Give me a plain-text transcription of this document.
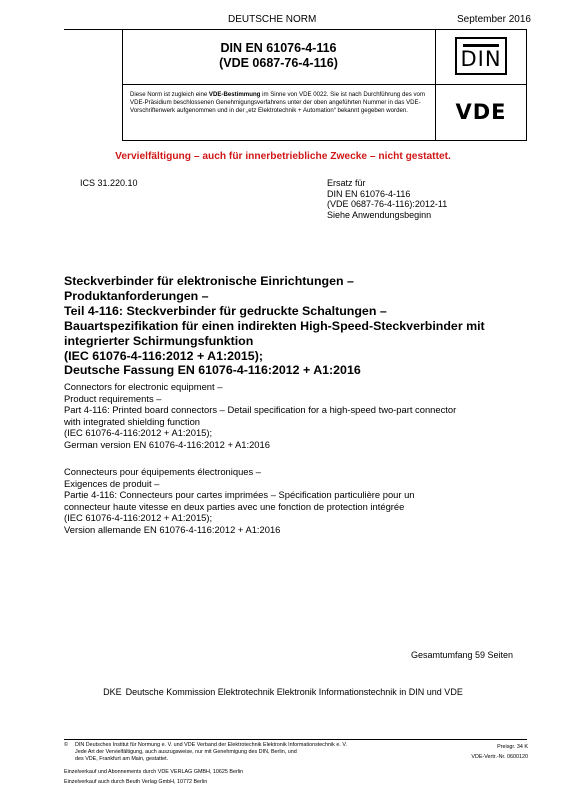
DEUTSCHE NORM	September 2016
DIN EN 61076-4-116
(VDE 0687-76-4-116)	DIN
Diese Norm ist zugleich eine VDE-Bestimmung im Sinne von VDE 0022. Sie ist nach Durchführung des vom VDE-Präsidium beschlossenen Genehmigungsverfahrens unter der oben angeführten Nummer in das VDE-Vorschriftenwerk aufgenommen und in der „etz Elektrotechnik + Automation“ bekannt gegeben worden.	VDE
Vervielfältigung – auch für innerbetriebliche Zwecke – nicht gestattet.
ICS 31.220.10	Ersatz für
DIN EN 61076-4-116
(VDE 0687-76-4-116):2012-11
Siehe Anwendungsbeginn
Steckverbinder für elektronische Einrichtungen –
Produktanforderungen –
Teil 4-116: Steckverbinder für gedruckte Schaltungen –
Bauartspezifikation für einen indirekten High-Speed-Steckverbinder mit
integrierter Schirmungsfunktion
(IEC 61076-4-116:2012 + A1:2015);
Deutsche Fassung EN 61076-4-116:2012 + A1:2016
Connectors for electronic equipment –
Product requirements –
Part 4-116: Printed board connectors – Detail specification for a high-speed two-part connector
with integrated shielding function
(IEC 61076-4-116:2012 + A1:2015);
German version EN 61076-4-116:2012 + A1:2016
Connecteurs pour équipements électroniques –
Exigences de produit –
Partie 4-116: Connecteurs pour cartes imprimées – Spécification particulière pour un
connecteur haute vitesse en deux parties avec une fonction de protection intégrée
(IEC 61076-4-116:2012 + A1:2015);
Version allemande EN 61076-4-116:2012 + A1:2016
Gesamtumfang 59 Seiten
DKE Deutsche Kommission Elektrotechnik Elektronik Informationstechnik in DIN und VDE
© DIN Deutsches Institut für Normung e. V. und VDE Verband der Elektrotechnik Elektronik Informationstechnik e. V.
Jede Art der Vervielfältigung, auch auszugsweise, nur mit Genehmigung des DIN, Berlin, und
des VDE, Frankfurt am Main, gestattet.
Preisgr. 34 K
VDE-Vertr.-Nr. 0600120
Einzelverkauf und Abonnements durch VDE VERLAG GMBH, 10625 Berlin
Einzelverkauf auch durch Beuth Verlag GmbH, 10772 Berlin
